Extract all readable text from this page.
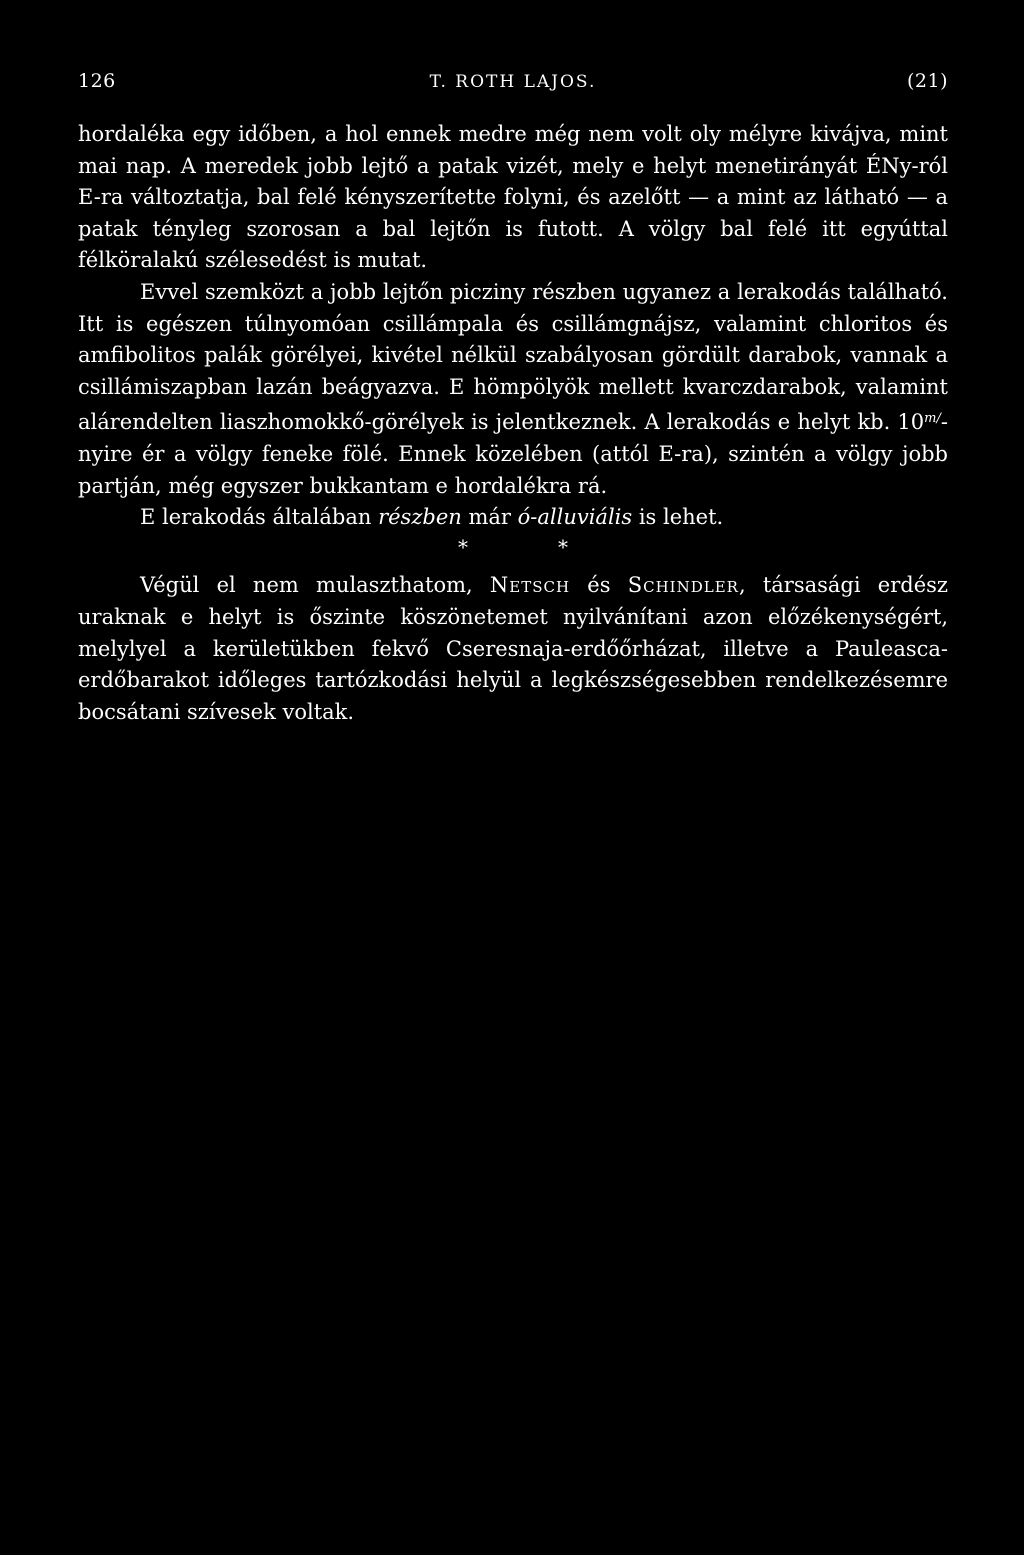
126	T. ROTH LAJOS.	(21)

hordaléka egy időben, a hol ennek medre még nem volt oly mélyre kivájva, mint mai nap. A meredek jobb lejtő a patak vizét, mely e helyt menetirányát ÉNy-ról E-ra változtatja, bal felé kényszerítette folyni, és azelőtt — a mint az látható — a patak tényleg szorosan a bal lejtőn is futott. A völgy bal felé itt egyúttal félköralakú szélesedést is mutat.

Evvel szemközt a jobb lejtőn piczinу részben ugyanez a lerakodás található. Itt is egészen túlnyomóan csillámpala és csillámgnájsz, valamint chloritos és amfibolitos palák görélyei, kivétel nélkül szabályosan gördült darabok, vannak a csillámiszapban lazán beágyazva. E hömpölyök mellett kvarczdarabok, valamint alárendelten liaszhomokkő-görélyek is jelentkeznek. A lerakodás e helyt kb. $10^{m/}$-nyire ér a völgy feneke fölé. Ennek közelében (attól E-ra), szintén a völgy jobb partján, még egyszer bukkantam e hordalékra rá.

E lerakodás általában részben már ó-alluviális is lehet.

*	*

Végül el nem mulaszthatom, Netsch és Schindler, társasági erdész uraknak e helyt is őszinte köszönetemet nyilvánítani azon előzékenységért, melylyel a kerületükben fekvő Cseresnaja-erdőőrházat, illetve a Pauleasca-erdőbarakot időleges tartózkodási helyül a legkészségesebben rendelkezésemre bocsátani szívesek voltak.
